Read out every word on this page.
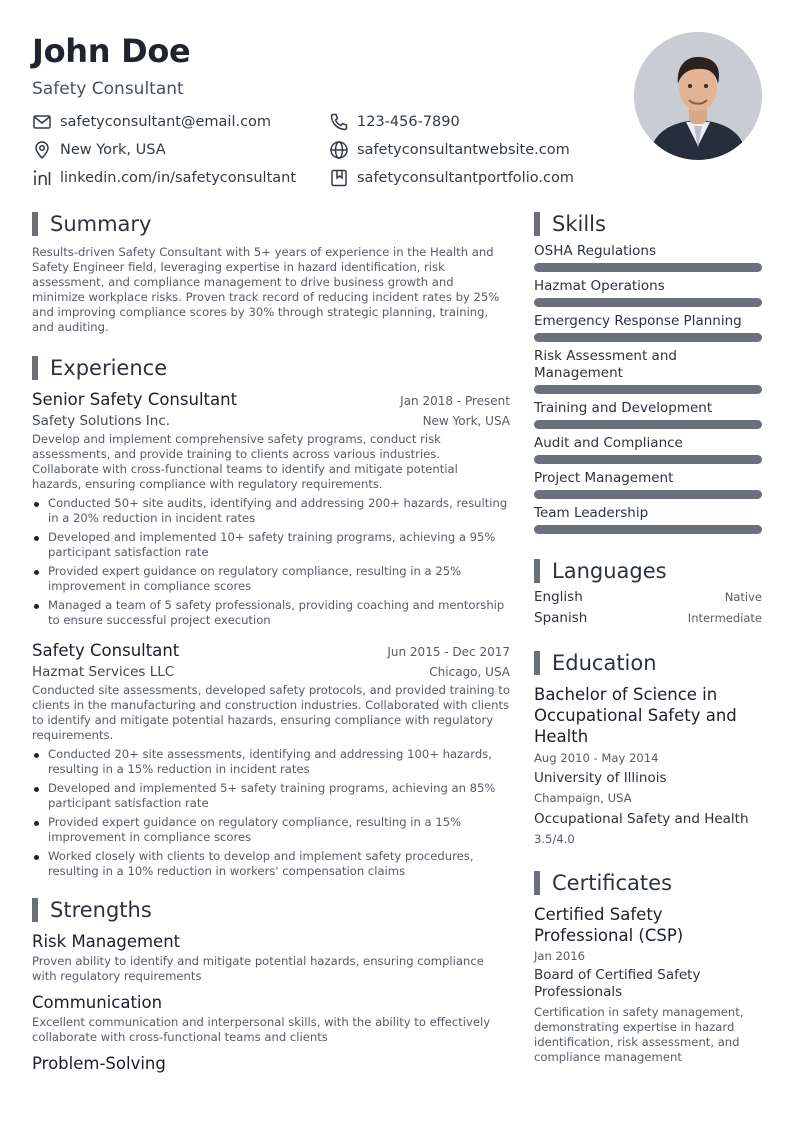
John Doe
Safety Consultant
safetyconsultant@email.com	123-456-7890
New York, USA	safetyconsultantwebsite.com
linkedin.com/in/safetyconsultant	safetyconsultantportfolio.com
Summary
Results-driven Safety Consultant with 5+ years of experience in the Health and Safety Engineer field, leveraging expertise in hazard identification, risk assessment, and compliance management to drive business growth and minimize workplace risks. Proven track record of reducing incident rates by 25% and improving compliance scores by 30% through strategic planning, training, and auditing.
Experience
Senior Safety Consultant	Jan 2018 - Present
Safety Solutions Inc.	New York, USA
Develop and implement comprehensive safety programs, conduct risk assessments, and provide training to clients across various industries. Collaborate with cross-functional teams to identify and mitigate potential hazards, ensuring compliance with regulatory requirements.
Conducted 50+ site audits, identifying and addressing 200+ hazards, resulting in a 20% reduction in incident rates
Developed and implemented 10+ safety training programs, achieving a 95% participant satisfaction rate
Provided expert guidance on regulatory compliance, resulting in a 25% improvement in compliance scores
Managed a team of 5 safety professionals, providing coaching and mentorship to ensure successful project execution
Safety Consultant	Jun 2015 - Dec 2017
Hazmat Services LLC	Chicago, USA
Conducted site assessments, developed safety protocols, and provided training to clients in the manufacturing and construction industries. Collaborated with clients to identify and mitigate potential hazards, ensuring compliance with regulatory requirements.
Conducted 20+ site assessments, identifying and addressing 100+ hazards, resulting in a 15% reduction in incident rates
Developed and implemented 5+ safety training programs, achieving an 85% participant satisfaction rate
Provided expert guidance on regulatory compliance, resulting in a 15% improvement in compliance scores
Worked closely with clients to develop and implement safety procedures, resulting in a 10% reduction in workers' compensation claims
Strengths
Risk Management
Proven ability to identify and mitigate potential hazards, ensuring compliance with regulatory requirements
Communication
Excellent communication and interpersonal skills, with the ability to effectively collaborate with cross-functional teams and clients
Problem-Solving
Skills
OSHA Regulations
Hazmat Operations
Emergency Response Planning
Risk Assessment and Management
Training and Development
Audit and Compliance
Project Management
Team Leadership
Languages
English	Native
Spanish	Intermediate
Education
Bachelor of Science in Occupational Safety and Health
Aug 2010 - May 2014
University of Illinois
Champaign, USA
Occupational Safety and Health
3.5/4.0
Certificates
Certified Safety Professional (CSP)
Jan 2016
Board of Certified Safety Professionals
Certification in safety management, demonstrating expertise in hazard identification, risk assessment, and compliance management
